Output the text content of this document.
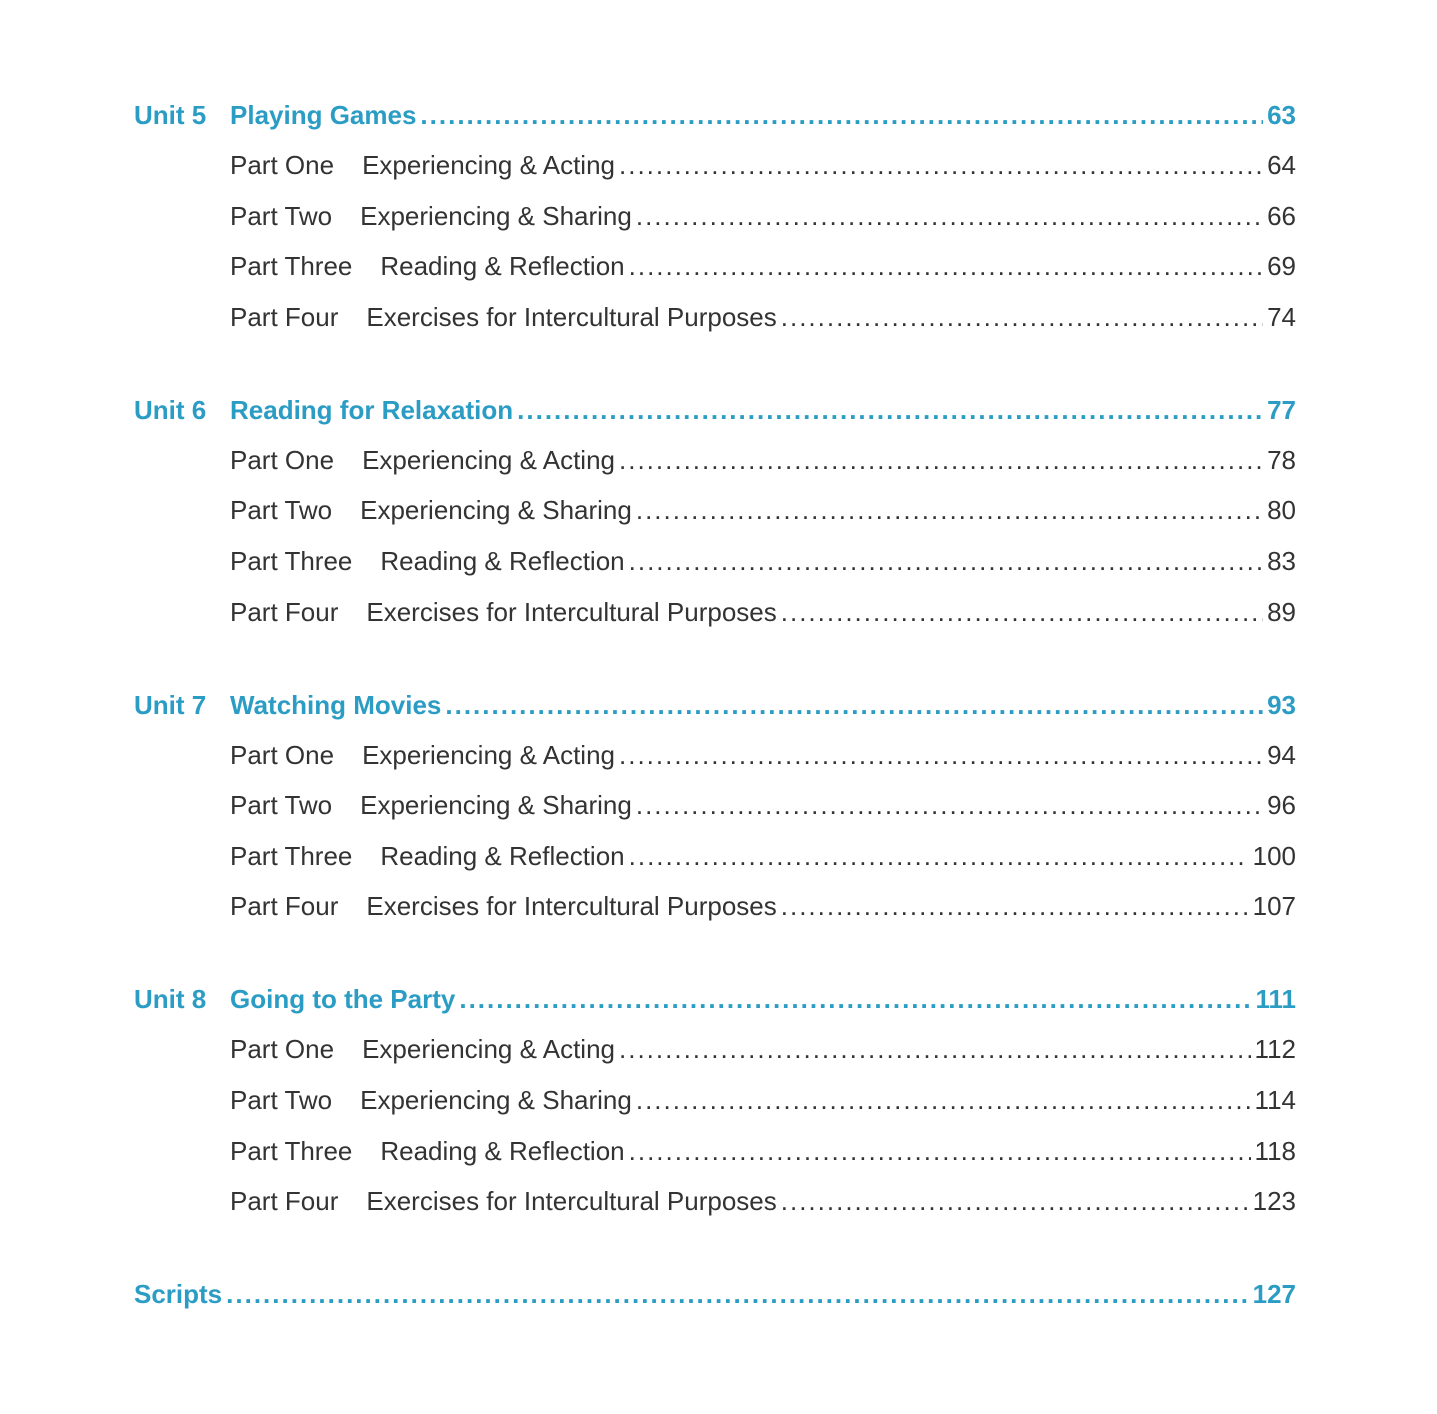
Unit 5 Playing Games .....	63
Part One Experiencing & Acting .....	64
Part Two Experiencing & Sharing .....	66
Part Three Reading & Reflection .....	69
Part Four Exercises for Intercultural Purposes .....	74
Unit 6 Reading for Relaxation .....	77
Part One Experiencing & Acting .....	78
Part Two Experiencing & Sharing .....	80
Part Three Reading & Reflection .....	83
Part Four Exercises for Intercultural Purposes .....	89
Unit 7 Watching Movies .....	93
Part One Experiencing & Acting .....	94
Part Two Experiencing & Sharing .....	96
Part Three Reading & Reflection .....	100
Part Four Exercises for Intercultural Purposes .....	107
Unit 8 Going to the Party .....	111
Part One Experiencing & Acting .....	112
Part Two Experiencing & Sharing .....	114
Part Three Reading & Reflection .....	118
Part Four Exercises for Intercultural Purposes .....	123
Scripts .....	127
